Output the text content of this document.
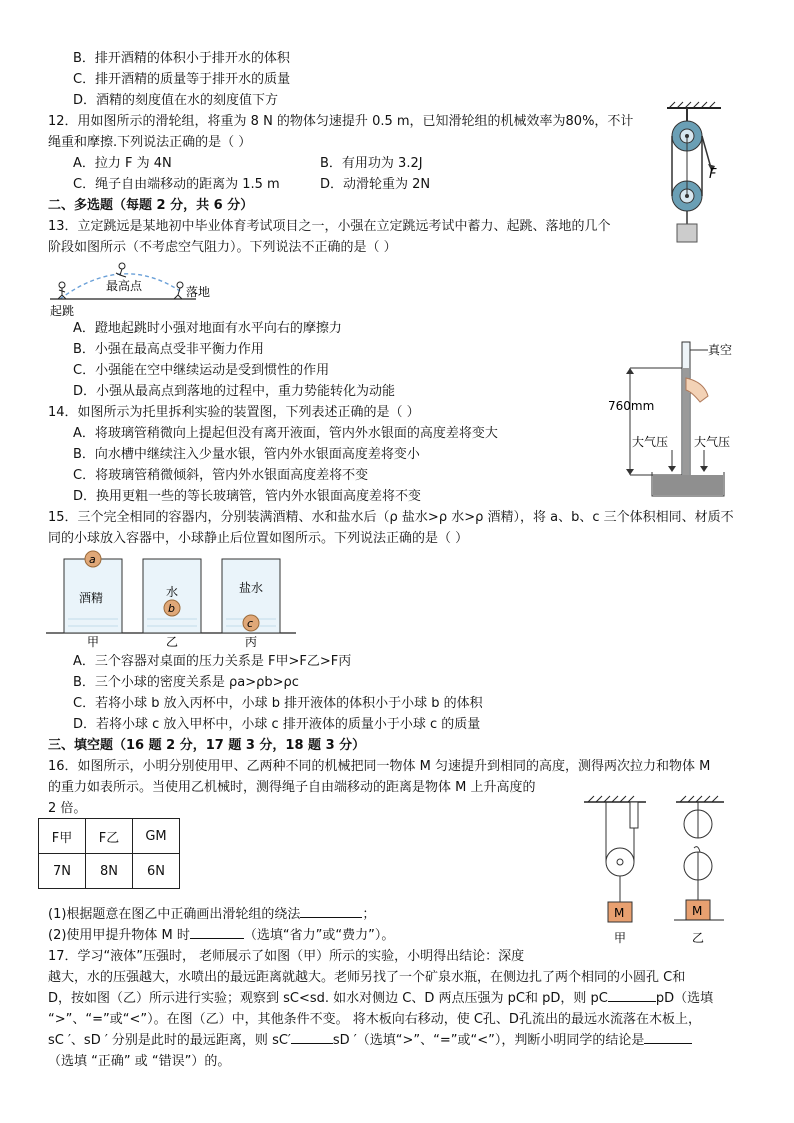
B．排开酒精的体积小于排开水的体积
C．排开酒精的质量等于排开水的质量
D．酒精的刻度值在水的刻度值下方
12．用如图所示的滑轮组，将重为 8 N 的物体匀速提升 0.5 m，已知滑轮组的机械效率为80%，不计
绳重和摩擦.下列说法正确的是（ ）
A．拉力 F 为 4N	B．有用功为 3.2J
C．绳子自由端移动的距离为 1.5 m	D．动滑轮重为 2N
F
二、多选题（每题 2 分，共 6 分）
13．立定跳远是某地初中毕业体育考试项目之一，小强在立定跳远考试中蓄力、起跳、落地的几个
阶段如图所示（不考虑空气阻力）。下列说法不正确的是（ ）
最高点	落地
起跳
A．蹬地起跳时小强对地面有水平向右的摩擦力
B．小强在最高点受非平衡力作用
C．小强能在空中继续运动是受到惯性的作用
D．小强从最高点到落地的过程中，重力势能转化为动能
真空
760mm
大气压 大气压
14．如图所示为托里拆利实验的装置图，下列表述正确的是（ ）
A．将玻璃管稍微向上提起但没有离开液面，管内外水银面的高度差将变大
B．向水槽中继续注入少量水银，管内外水银面高度差将变小
C．将玻璃管稍微倾斜，管内外水银面高度差将不变
D．换用更粗一些的等长玻璃管，管内外水银面高度差将不变
15．三个完全相同的容器内，分别装满酒精、水和盐水后（ρ 盐水>ρ 水>ρ 酒精），将 a、b、c 三个体积相同、材质不
同的小球放入容器中，小球静止后位置如图所示。下列说法正确的是（ ）
a
b
c
酒精	水	盐水
甲	乙	丙
A．三个容器对桌面的压力关系是 F甲>F乙>F丙
B．三个小球的密度关系是 ρa>ρb>ρc
C．若将小球 b 放入丙杯中，小球 b 排开液体的体积小于小球 b 的体积
D．若将小球 c 放入甲杯中，小球 c 排开液体的质量小于小球 c 的质量
三、填空题（16 题 2 分，17 题 3 分，18 题 3 分）
16．如图所示，小明分别使用甲、乙两种不同的机械把同一物体 M 匀速提升到相同的高度，测得两次拉力和物体 M
的重力如表所示。当使用乙机械时，测得绳子自由端移动的距离是物体 M 上升高度的
2 倍。
F甲	F乙	GM
7N	8N	6N
M
甲
M
乙
(1)根据题意在图乙中正确画出滑轮组的绕法	；
(2)使用甲提升物体 M 时	（选填“省力”或“费力”）。
17．学习“液体”压强时， 老师展示了如图（甲）所示的实验，小明得出结论：深度
越大，水的压强越大，水喷出的最远距离就越大。老师另找了一个矿泉水瓶，在侧边扎了两个相同的小圆孔 C和
D，按如图（乙）所示进行实验；观察到 sC<sd. 如水对侧边 C、D 两点压强为 pC和 pD，则 pC	pD（选填
“>”、“=”或“<”）。在图（乙）中，其他条件不变。 将木板向右移动，使 C孔、D孔流出的最远水流落在木板上，
sC ′、sD ′ 分别是此时的最远距离，则 sC′	sD ′（选填“>”、“=”或“<”），判断小明同学的结论是
（选填 “正确” 或 “错误”）的。
